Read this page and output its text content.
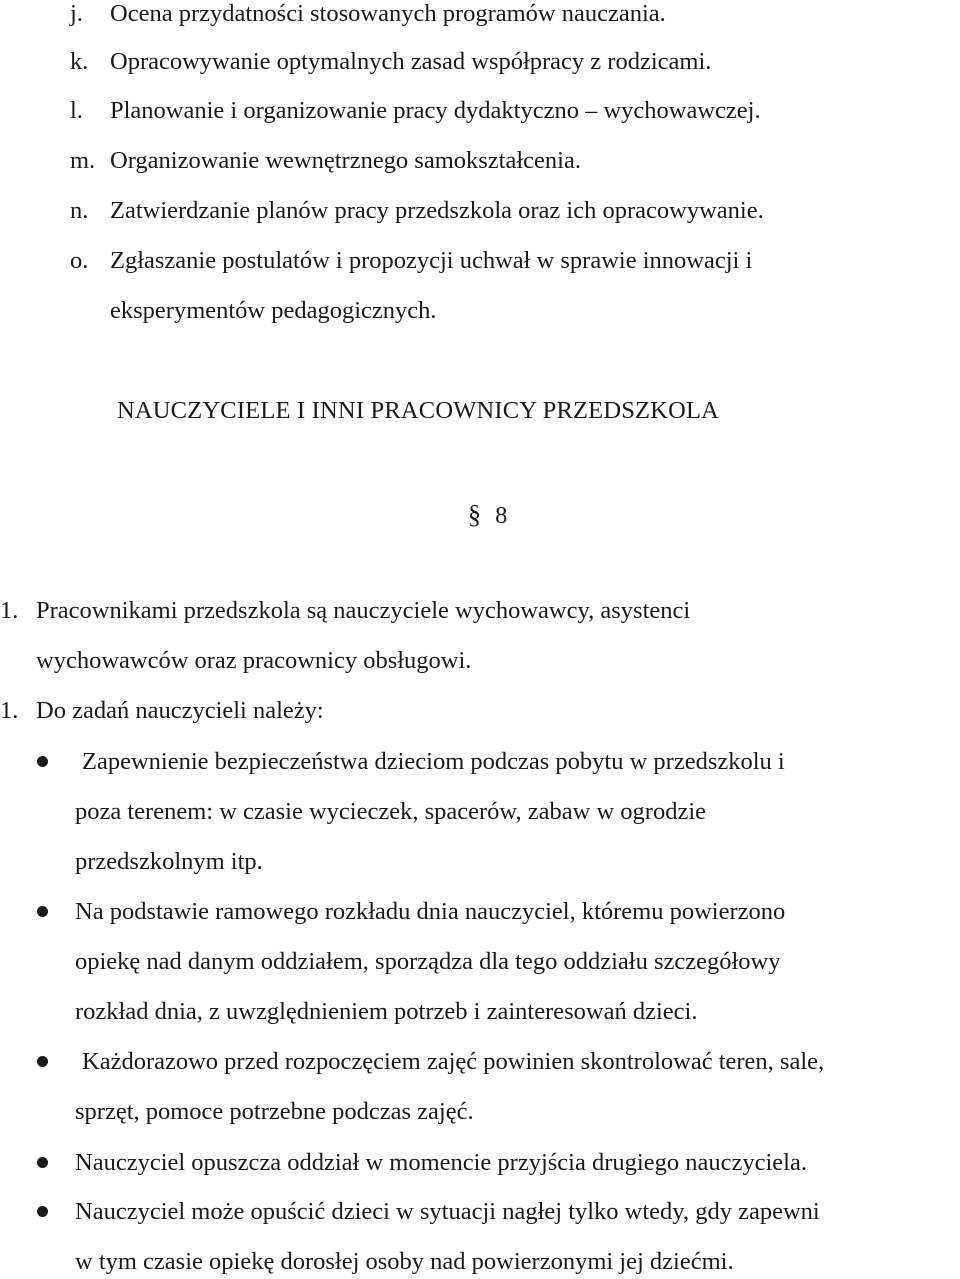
j. Ocena przydatności stosowanych programów nauczania.
k. Opracowywanie optymalnych zasad współpracy z rodzicami.
l. Planowanie i organizowanie pracy dydaktyczno – wychowawczej.
m. Organizowanie wewnętrznego samokształcenia.
n. Zatwierdzanie planów pracy przedszkola oraz ich opracowywanie.
o. Zgłaszanie postulatów i propozycji uchwał w sprawie innowacji i
eksperymentów pedagogicznych.
NAUCZYCIELE I INNI PRACOWNICY PRZEDSZKOLA
§ 8
1. Pracownikami przedszkola są nauczyciele wychowawcy, asystenci
wychowawców oraz pracownicy obsługowi.
1. Do zadań nauczycieli należy:
Zapewnienie bezpieczeństwa dzieciom podczas pobytu w przedszkolu i
poza terenem: w czasie wycieczek, spacerów, zabaw w ogrodzie
przedszkolnym itp.
Na podstawie ramowego rozkładu dnia nauczyciel, któremu powierzono
opiekę nad danym oddziałem, sporządza dla tego oddziału szczegółowy
rozkład dnia, z uwzględnieniem potrzeb i zainteresowań dzieci.
Każdorazowo przed rozpoczęciem zajęć powinien skontrolować teren, sale,
sprzęt, pomoce potrzebne podczas zajęć.
Nauczyciel opuszcza oddział w momencie przyjścia drugiego nauczyciela.
Nauczyciel może opuścić dzieci w sytuacji nagłej tylko wtedy, gdy zapewni
w tym czasie opiekę dorosłej osoby nad powierzonymi jej dziećmi.
